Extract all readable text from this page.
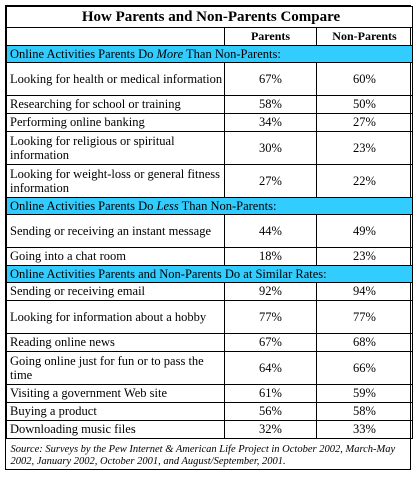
How Parents and Non-Parents Compare		
	Parents	Non-Parents
Online Activities Parents Do More Than Non-Parents:		
Looking for health or medical information	67%	60%
Researching for school or training	58%	50%
Performing online banking	34%	27%
Looking for religious or spiritual information	30%	23%
Looking for weight-loss or general fitness information	27%	22%
Online Activities Parents Do Less Than Non-Parents:		
Sending or receiving an instant message	44%	49%
Going into a chat room	18%	23%
Online Activities Parents and Non-Parents Do at Similar Rates:		
Sending or receiving email	92%	94%
Looking for information about a hobby	77%	77%
Reading online news	67%	68%
Going online just for fun or to pass the time	64%	66%
Visiting a government Web site	61%	59%
Buying a product	56%	58%
Downloading music files	32%	33%
Source: Surveys by the Pew Internet & American Life Project in October 2002, March-May 2002, January 2002, October 2001, and August/September, 2001.		
